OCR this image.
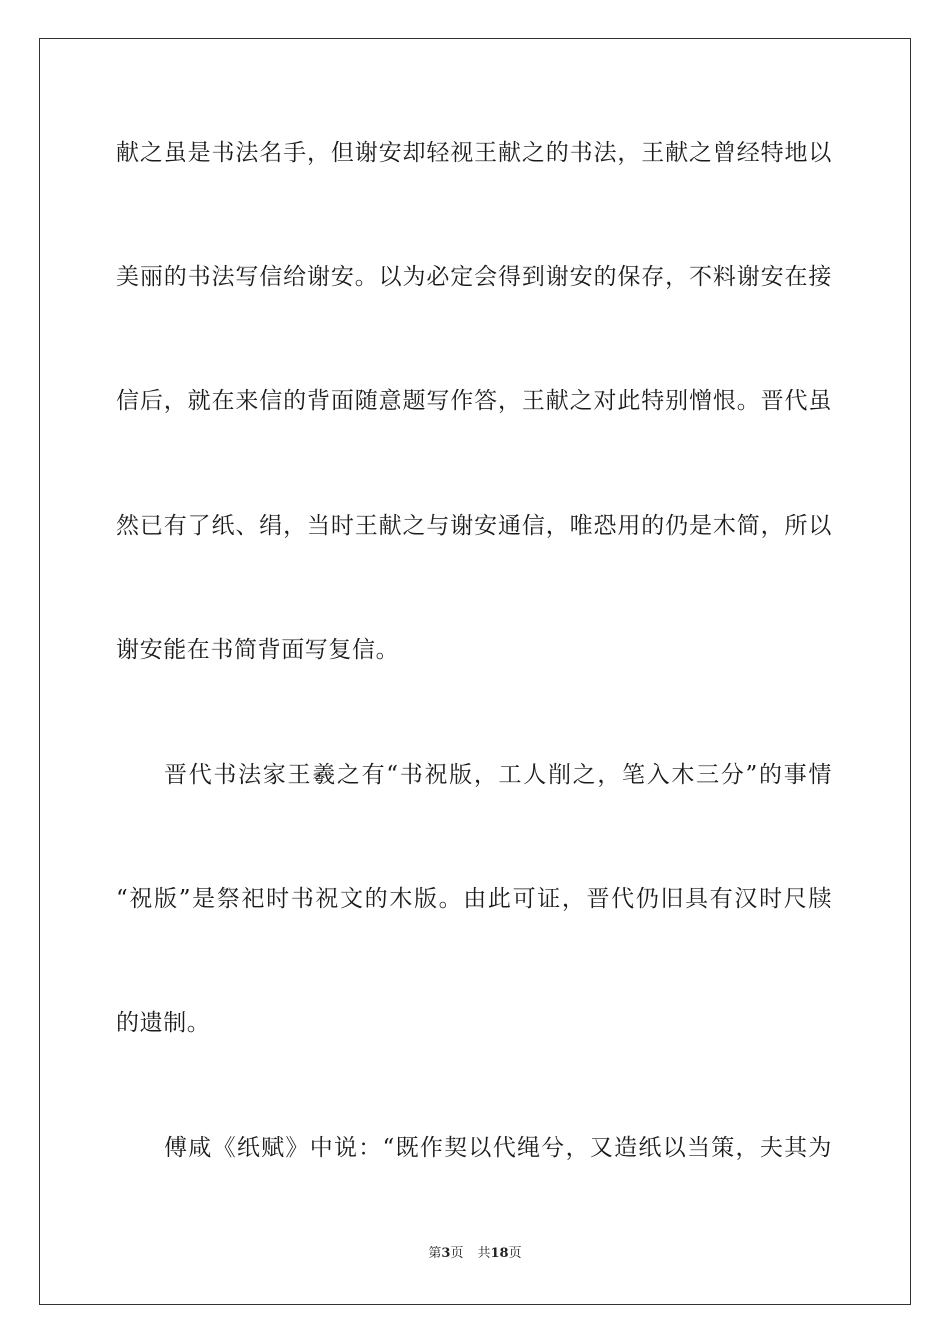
献之虽是书法名手，但谢安却轻视王献之的书法，王献之曾经特地以
美丽的书法写信给谢安。以为必定会得到谢安的保存，不料谢安在接
信后，就在来信的背面随意题写作答，王献之对此特别憎恨。晋代虽
然已有了纸、绢，当时王献之与谢安通信，唯恐用的仍是木简，所以
谢安能在书简背面写复信。
晋代书法家王羲之有“书祝版，工人削之，笔入木三分”的事情
“祝版”是祭祀时书祝文的木版。由此可证，晋代仍旧具有汉时尺牍
的遗制。
傅咸《纸赋》中说：“既作契以代绳兮，又造纸以当策，夫其为
第3页 共18页
